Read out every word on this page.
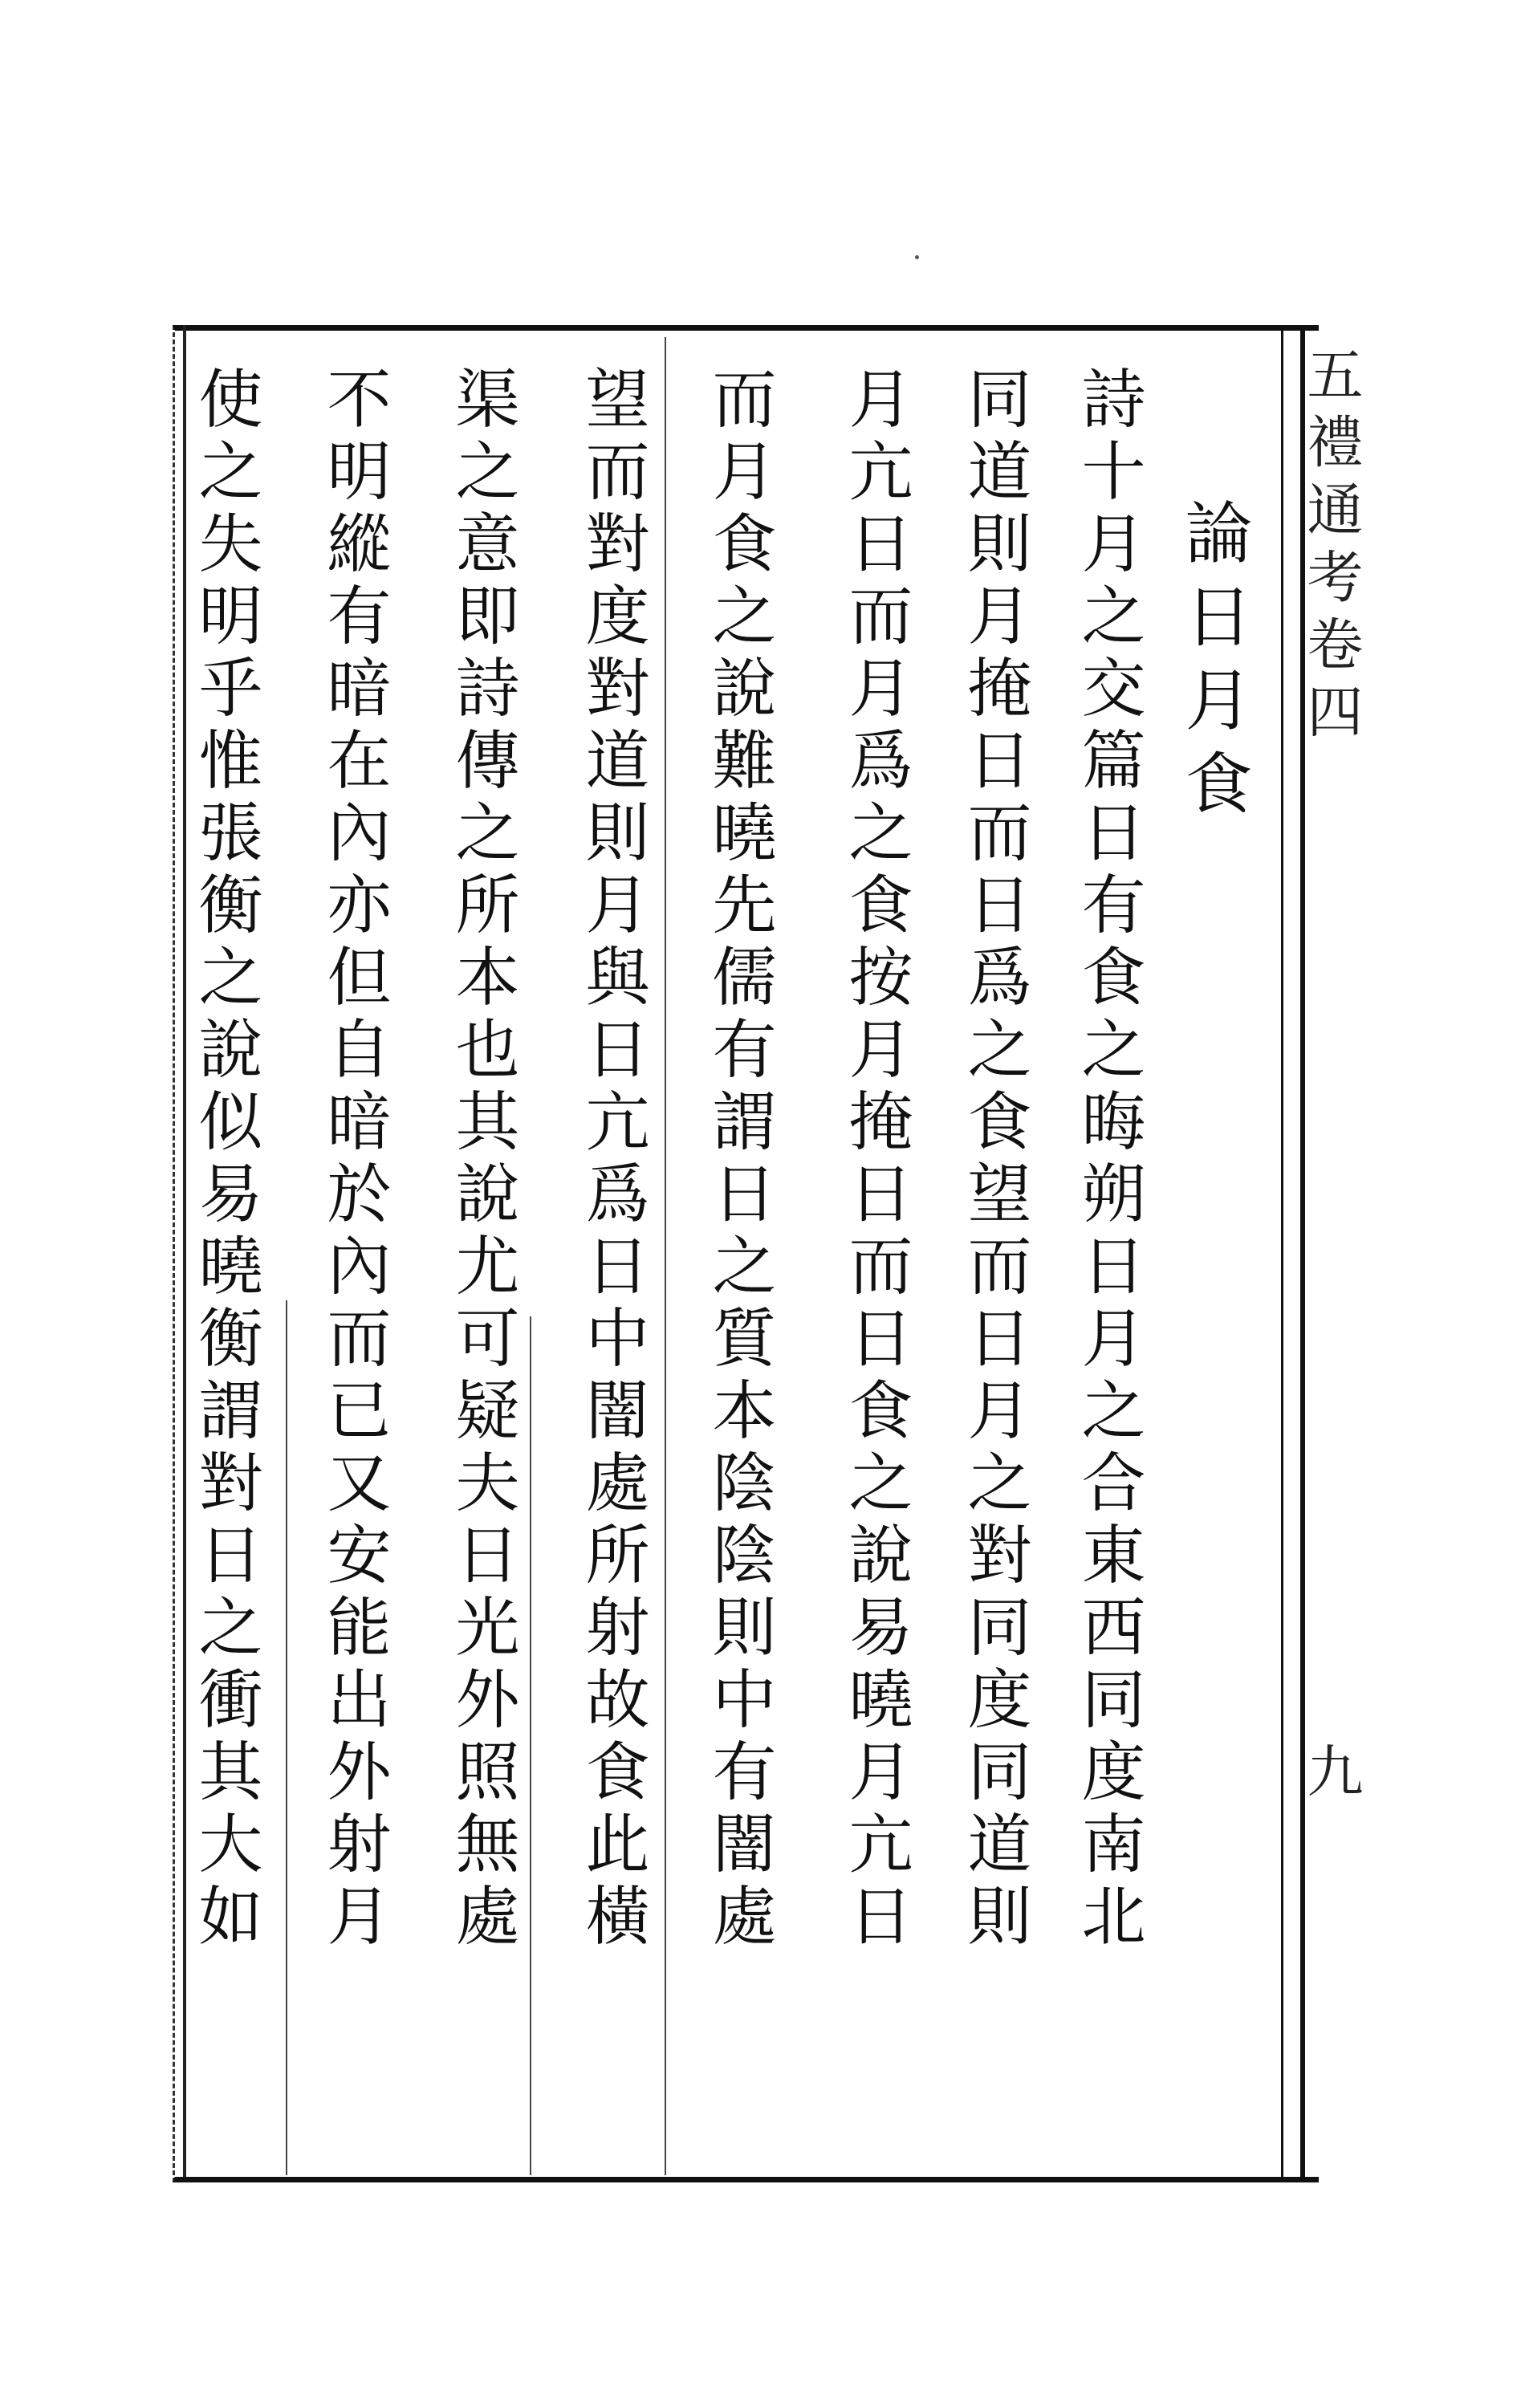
五禮通考卷四
九
論日月食
詩十月之交篇日有食之晦朔日月之合東西同度南北
同道則月掩日而日爲之食望而日月之對同度同道則
月亢日而月爲之食按月掩日而日食之說易曉月亢日
而月食之說難曉先儒有謂日之質本陰陰則中有闇處
望而對度對道則月與日亢爲日中闇處所射故食此橫
渠之意即詩傳之所本也其說尤可疑夫日光外照無處
不明縱有暗在內亦但自暗於內而已又安能出外射月
使之失明乎惟張衡之說似易曉衡謂對日之衝其大如
